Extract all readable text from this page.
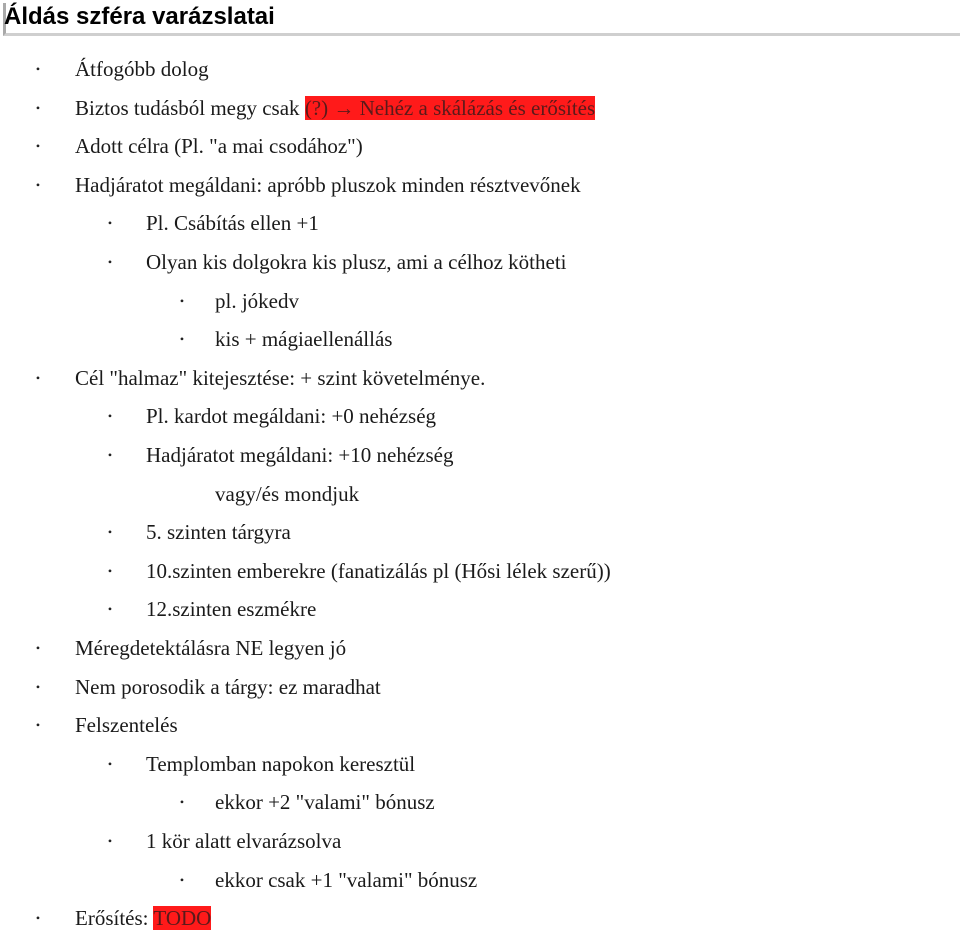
Áldás szféra varázslatai
• Átfogóbb dolog
• Biztos tudásból megy csak (?) → Nehéz a skálázás és erősítés
• Adott célra (Pl. "a mai csodához")
• Hadjáratot megáldani: apróbb pluszok minden résztvevőnek
• Pl. Csábítás ellen +1
• Olyan kis dolgokra kis plusz, ami a célhoz kötheti
• pl. jókedv
• kis + mágiaellenállás
• Cél "halmaz" kitejesztése: + szint követelménye.
• Pl. kardot megáldani: +0 nehézség
• Hadjáratot megáldani: +10 nehézség
vagy/és mondjuk
• 5. szinten tárgyra
• 10.szinten emberekre (fanatizálás pl (Hősi lélek szerű))
• 12.szinten eszmékre
• Méregdetektálásra NE legyen jó
• Nem porosodik a tárgy: ez maradhat
• Felszentelés
• Templomban napokon keresztül
• ekkor +2 "valami" bónusz
• 1 kör alatt elvarázsolva
• ekkor csak +1 "valami" bónusz
• Erősítés: TODO
